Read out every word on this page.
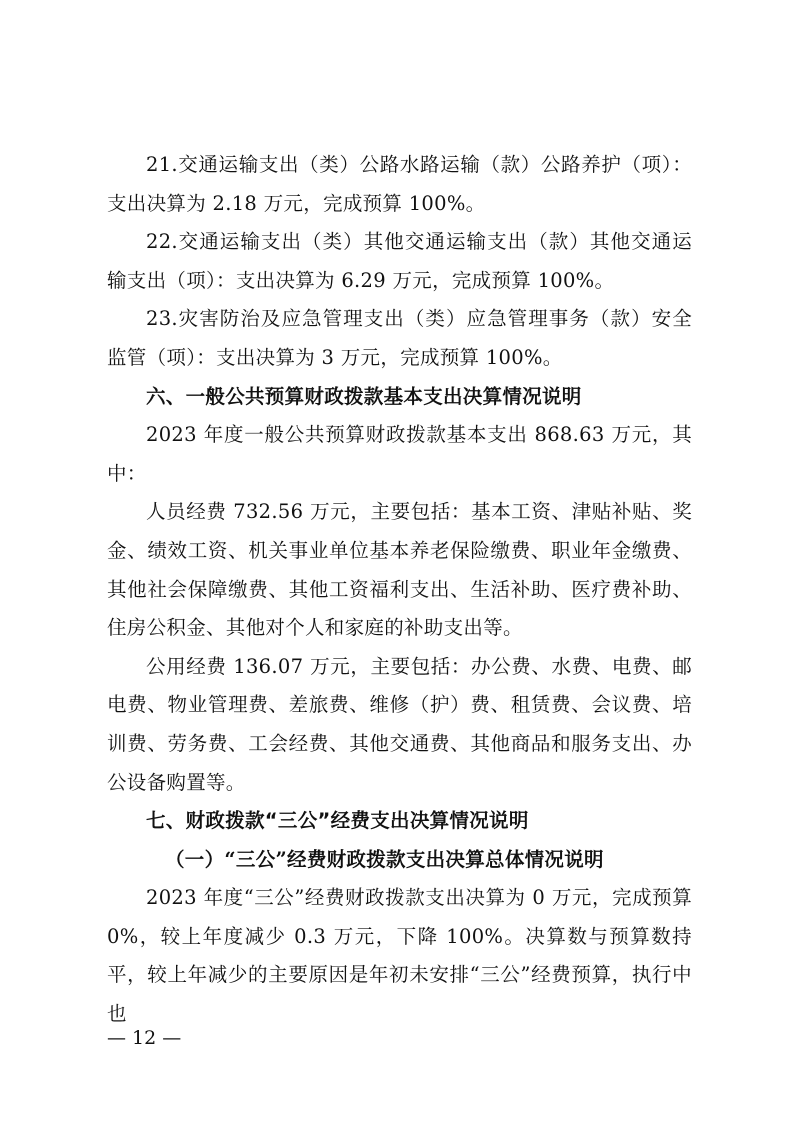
21.交通运输支出（类）公路水路运输（款）公路养护（项）：支出决算为 2.18 万元，完成预算 100%。

22.交通运输支出（类）其他交通运输支出（款）其他交通运输支出（项）：支出决算为 6.29 万元，完成预算 100%。

23.灾害防治及应急管理支出（类）应急管理事务（款）安全监管（项）：支出决算为 3 万元，完成预算 100%。

六、一般公共预算财政拨款基本支出决算情况说明

2023 年度一般公共预算财政拨款基本支出 868.63 万元，其中：

人员经费 732.56 万元，主要包括：基本工资、津贴补贴、奖金、绩效工资、机关事业单位基本养老保险缴费、职业年金缴费、其他社会保障缴费、其他工资福利支出、生活补助、医疗费补助、住房公积金、其他对个人和家庭的补助支出等。

公用经费 136.07 万元，主要包括：办公费、水费、电费、邮电费、物业管理费、差旅费、维修（护）费、租赁费、会议费、培训费、劳务费、工会经费、其他交通费、其他商品和服务支出、办公设备购置等。

七、财政拨款“三公”经费支出决算情况说明

（一）“三公”经费财政拨款支出决算总体情况说明

2023 年度“三公”经费财政拨款支出决算为 0 万元，完成预算 0%，较上年度减少 0.3 万元，下降 100%。决算数与预算数持平，较上年减少的主要原因是年初未安排“三公”经费预算，执行中也

— 12 —
